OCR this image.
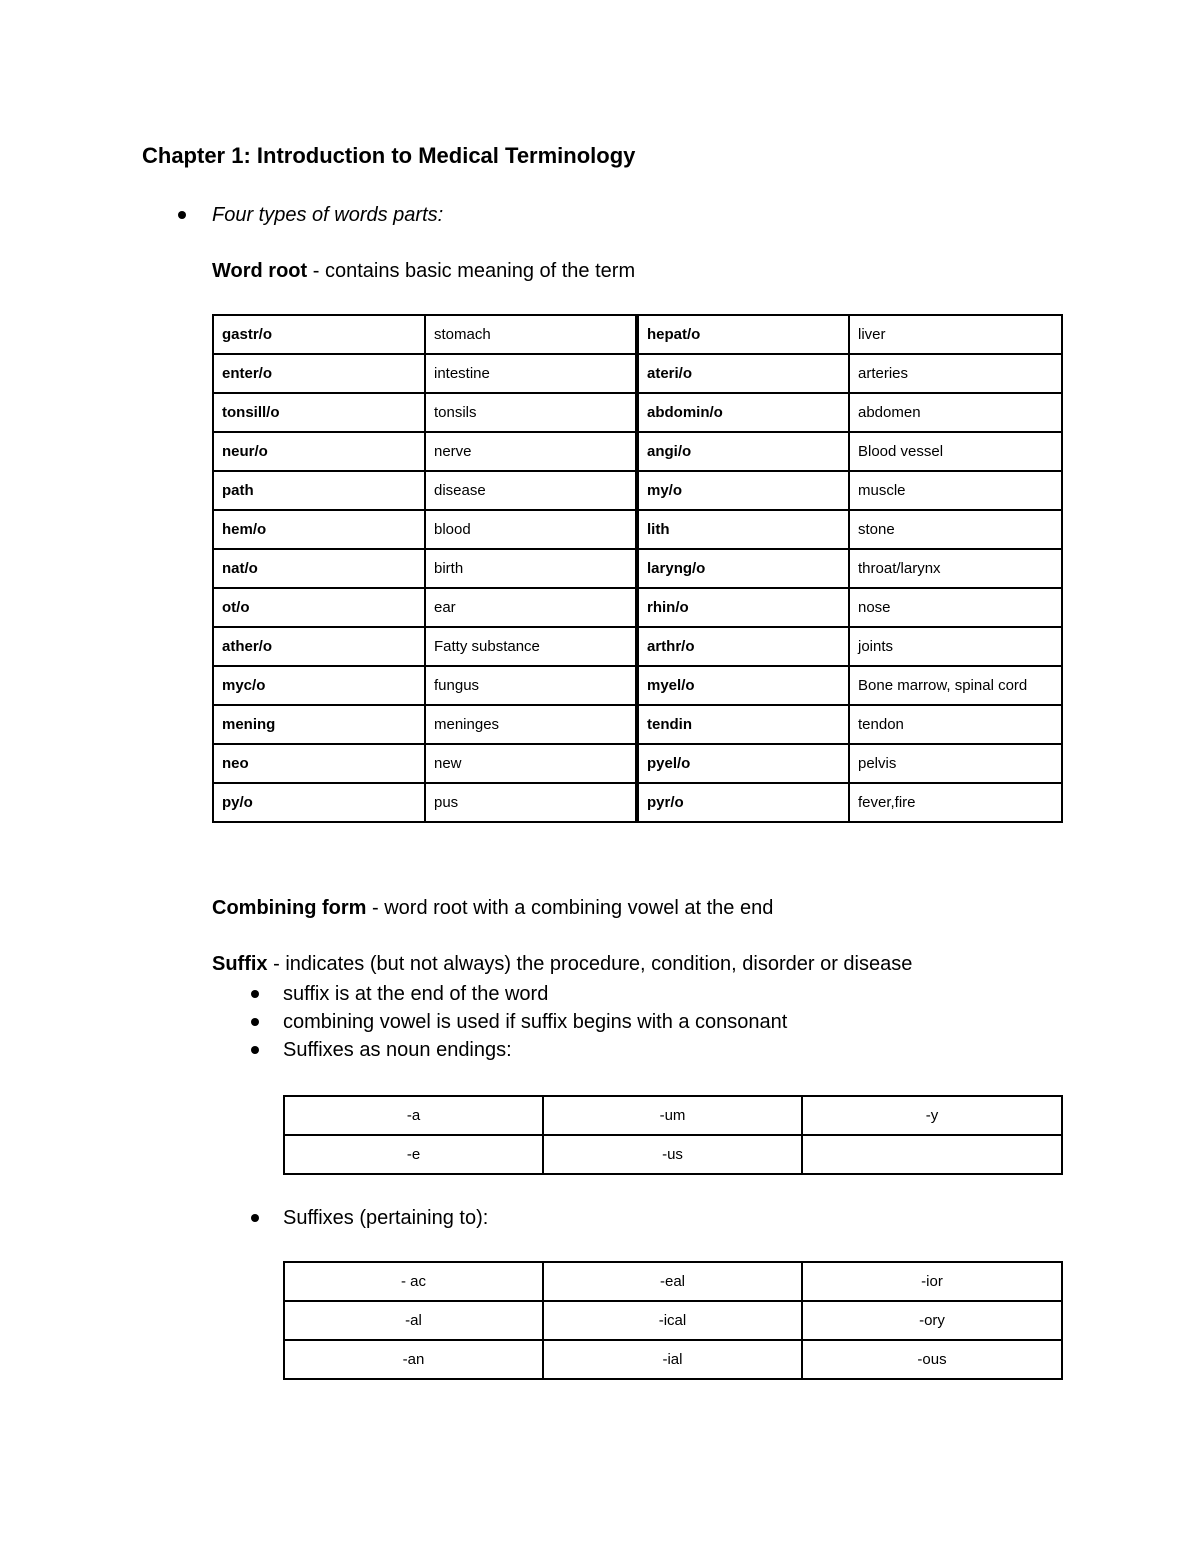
Chapter 1: Introduction to Medical Terminology
Four types of words parts:
Word root - contains basic meaning of the term
gastr/o	stomach	hepat/o	liver
enter/o	intestine	ateri/o	arteries
tonsill/o	tonsils	abdomin/o	abdomen
neur/o	nerve	angi/o	Blood vessel
path	disease	my/o	muscle
hem/o	blood	lith	stone
nat/o	birth	laryng/o	throat/larynx
ot/o	ear	rhin/o	nose
ather/o	Fatty substance	arthr/o	joints
myc/o	fungus	myel/o	Bone marrow, spinal cord
mening	meninges	tendin	tendon
neo	new	pyel/o	pelvis
py/o	pus	pyr/o	fever,fire
Combining form - word root with a combining vowel at the end
Suffix - indicates (but not always) the procedure, condition, disorder or disease
suffix is at the end of the word
combining vowel is used if suffix begins with a consonant
Suffixes as noun endings:
-a	-um	-y
-e	-us	
Suffixes (pertaining to):
- ac	-eal	-ior
-al	-ical	-ory
-an	-ial	-ous
